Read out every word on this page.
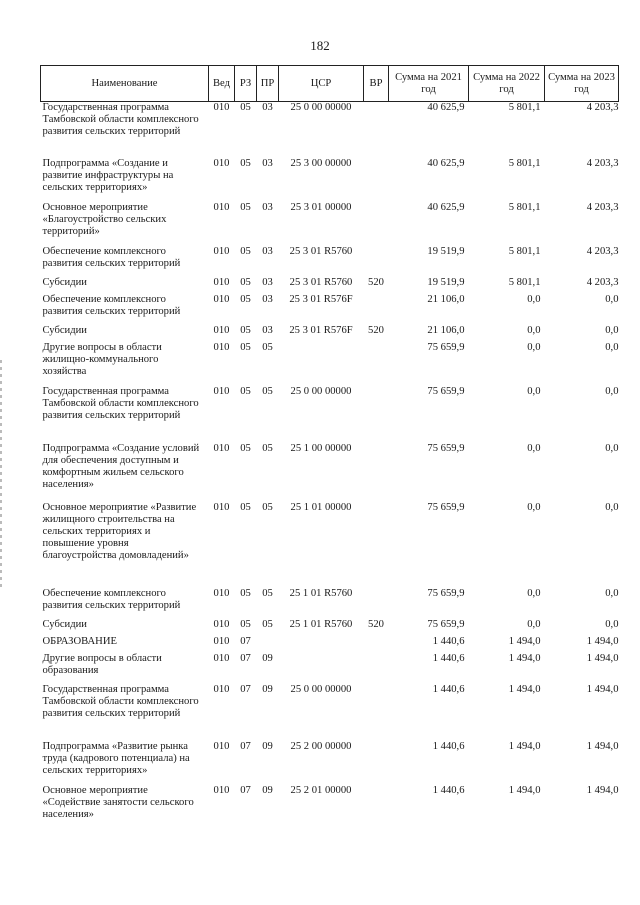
182
Наименование	Вед	РЗ	ПР	ЦСР	ВР	Сумма на 2021 год	Сумма на 2022 год	Сумма на 2023 год
Государственная программа Тамбовской области комплексного развития сельских территорий	010	05	03	25 0 00 00000		40 625,9	5 801,1	4 203,3
Подпрограмма «Создание и развитие инфраструктуры на сельских территориях»	010	05	03	25 3 00 00000		40 625,9	5 801,1	4 203,3
Основное мероприятие «Благоустройство сельских территорий»	010	05	03	25 3 01 00000		40 625,9	5 801,1	4 203,3
Обеспечение комплексного развития сельских территорий	010	05	03	25 3 01 R5760		19 519,9	5 801,1	4 203,3
Субсидии	010	05	03	25 3 01 R5760	520	19 519,9	5 801,1	4 203,3
Обеспечение комплексного развития сельских территорий	010	05	03	25 3 01 R576F		21 106,0	0,0	0,0
Субсидии	010	05	03	25 3 01 R576F	520	21 106,0	0,0	0,0
Другие вопросы в области жилищно-коммунального хозяйства	010	05	05			75 659,9	0,0	0,0
Государственная программа Тамбовской области комплексного развития сельских территорий	010	05	05	25 0 00 00000		75 659,9	0,0	0,0
Подпрограмма «Создание условий для обеспечения доступным и комфортным жильем сельского населения»	010	05	05	25 1 00 00000		75 659,9	0,0	0,0
Основное мероприятие «Развитие жилищного строительства на сельских территориях и повышение уровня благоустройства домовладений»	010	05	05	25 1 01 00000		75 659,9	0,0	0,0
Обеспечение комплексного развития сельских территорий	010	05	05	25 1 01 R5760		75 659,9	0,0	0,0
Субсидии	010	05	05	25 1 01 R5760	520	75 659,9	0,0	0,0
ОБРАЗОВАНИЕ	010	07				1 440,6	1 494,0	1 494,0
Другие вопросы в области образования	010	07	09			1 440,6	1 494,0	1 494,0
Государственная программа Тамбовской области комплексного развития сельских территорий	010	07	09	25 0 00 00000		1 440,6	1 494,0	1 494,0
Подпрограмма «Развитие рынка труда (кадрового потенциала) на сельских территориях»	010	07	09	25 2 00 00000		1 440,6	1 494,0	1 494,0
Основное мероприятие «Содействие занятости сельского населения»	010	07	09	25 2 01 00000		1 440,6	1 494,0	1 494,0
